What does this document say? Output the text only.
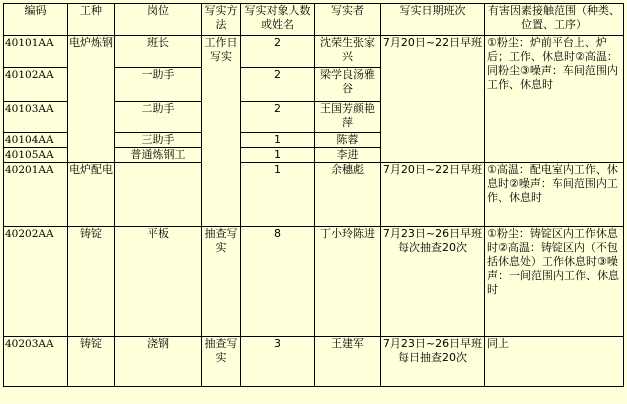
编码	工种	岗位	写实方法	写实对象人数或姓名	写实者	写实日期班次	有害因素接触范围（种类、位置、工序）
40101AA	电炉炼钢	班长	工作日写实	2	沈荣生张家兴	7月20日~22日早班	①粉尘：炉前平台上、炉后；工作、休息时②高温：同粉尘③噪声：车间范围内工作、休息时
40102AA		一助手		2	梁学良汤雅谷		
40103AA		二助手		2	王国芳颜艳萍		
40104AA		三助手		1	陈蓉		
40105AA		普通炼钢工		1	李进		
40201AA	电炉配电			1	余穗彪	7月20日~22日早班	①高温：配电室内工作、休息时②噪声：车间范围内工作、休息时
40202AA	铸锭	平板	抽查写实	8	丁小玲陈进	7月23日~26日早班每次抽查20次	①粉尘：铸锭区内工作休息时②高温：铸锭区内（不包括休息处）工作休息时③噪声：一间范围内工作、休息时
40203AA	铸锭	浇钢	抽查写实	3	王建军	7月23日~26日早班每日抽查20次	同上
